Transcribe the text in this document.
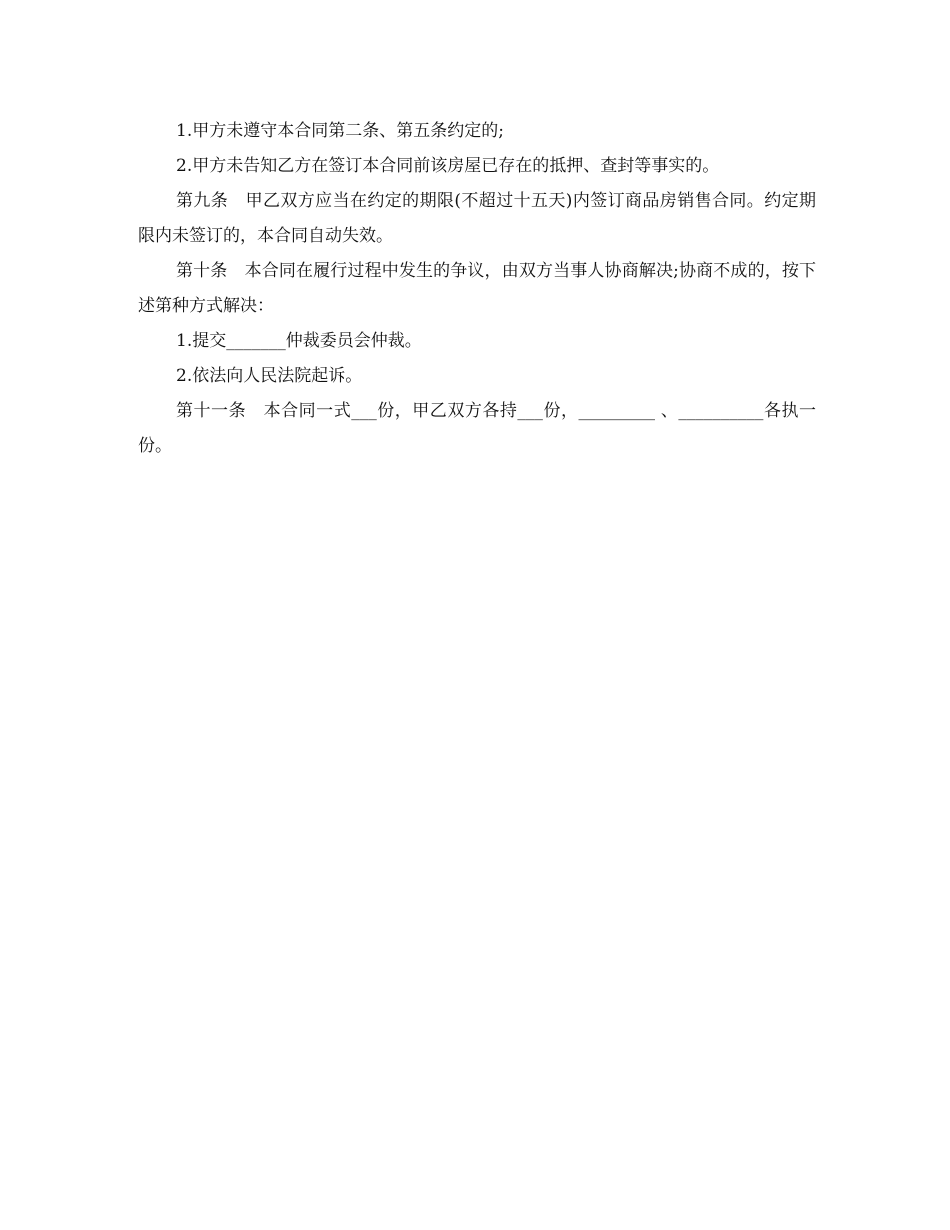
1.甲方未遵守本合同第二条、第五条约定的;

2.甲方未告知乙方在签订本合同前该房屋已存在的抵押、查封等事实的。

第九条　甲乙双方应当在约定的期限(不超过十五天)内签订商品房销售合同。约定期限内未签订的，本合同自动失效。

第十条　本合同在履行过程中发生的争议，由双方当事人协商解决;协商不成的，按下述第种方式解决：

1.提交_______仲裁委员会仲裁。

2.依法向人民法院起诉。

第十一条　本合同一式___份，甲乙双方各持___份，_________ 、__________各执一份。
